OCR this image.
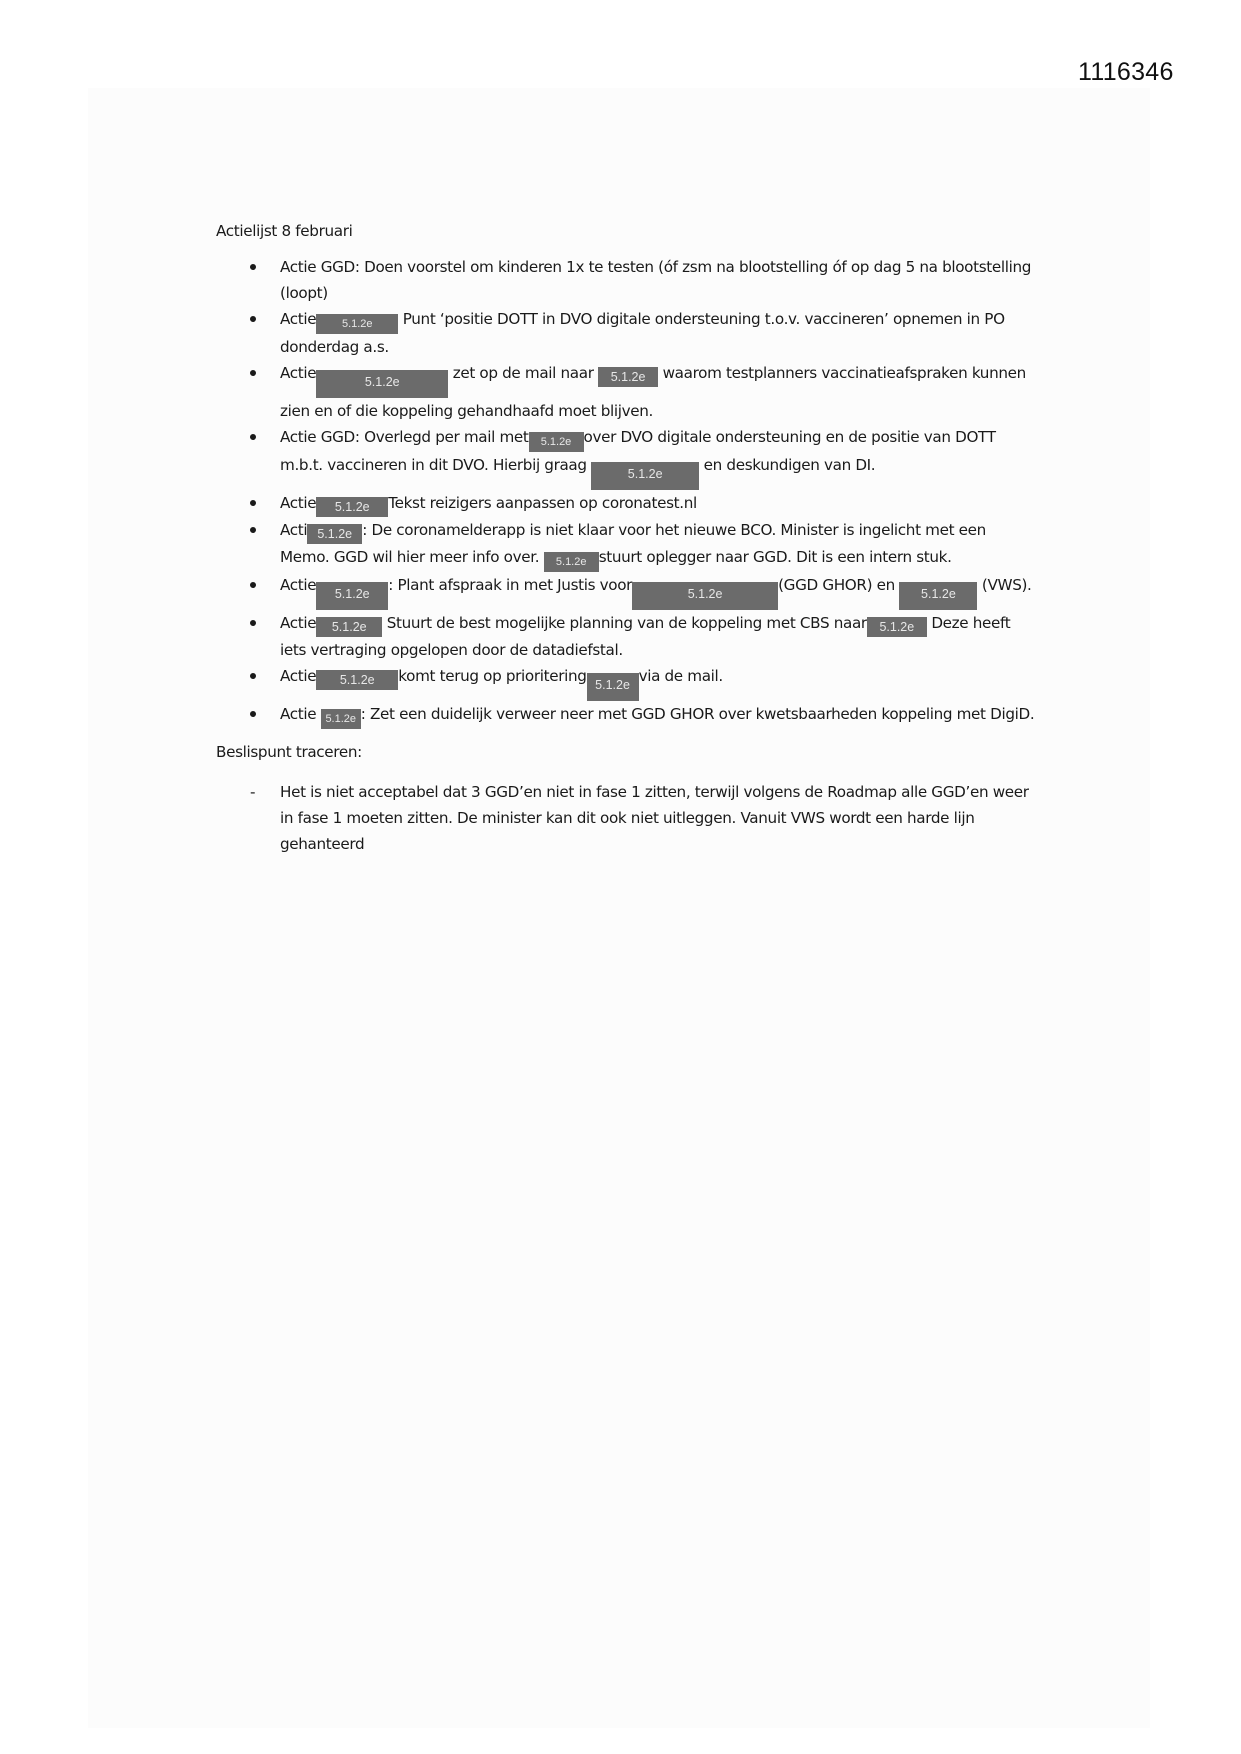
1116346

Actielijst 8 februari

Actie GGD: Doen voorstel om kinderen 1x te testen (óf zsm na blootstelling óf op dag 5 na blootstelling (loopt)
Actie 5.1.2e Punt ‘positie DOTT in DVO digitale ondersteuning t.o.v. vaccineren’ opnemen in PO donderdag a.s.
Actie	5.1.2e	zet op de mail naar 5.1.2e waarom testplanners vaccinatieafspraken kunnen zien en of die koppeling gehandhaafd moet blijven.
Actie GGD: Overlegd per mail met 5.1.2e over DVO digitale ondersteuning en de positie van DOTT m.b.t. vaccineren in dit DVO. Hierbij graag	5.1.2e	en deskundigen van DI.
Actie 5.1.2e Tekst reizigers aanpassen op coronatest.nl
Acti 5.1.2e : De coronamelderapp is niet klaar voor het nieuwe BCO. Minister is ingelicht met een Memo. GGD wil hier meer info over. 5.1.2e stuurt oplegger naar GGD. Dit is een intern stuk.
Actie 5.1.2e : Plant afspraak in met Justis voor	5.1.2e	(GGD GHOR) en 5.1.2e (VWS).
Actie 5.1.2e Stuurt de best mogelijke planning van de koppeling met CBS naar 5.1.2e Deze heeft iets vertraging opgelopen door de datadiefstal.
Actie 5.1.2e komt terug op prioritering 5.1.2e via de mail.
Actie 5.1.2e : Zet een duidelijk verweer neer met GGD GHOR over kwetsbaarheden koppeling met DigiD.

Beslispunt traceren:

- Het is niet acceptabel dat 3 GGD’en niet in fase 1 zitten, terwijl volgens de Roadmap alle GGD’en weer in fase 1 moeten zitten. De minister kan dit ook niet uitleggen. Vanuit VWS wordt een harde lijn gehanteerd
